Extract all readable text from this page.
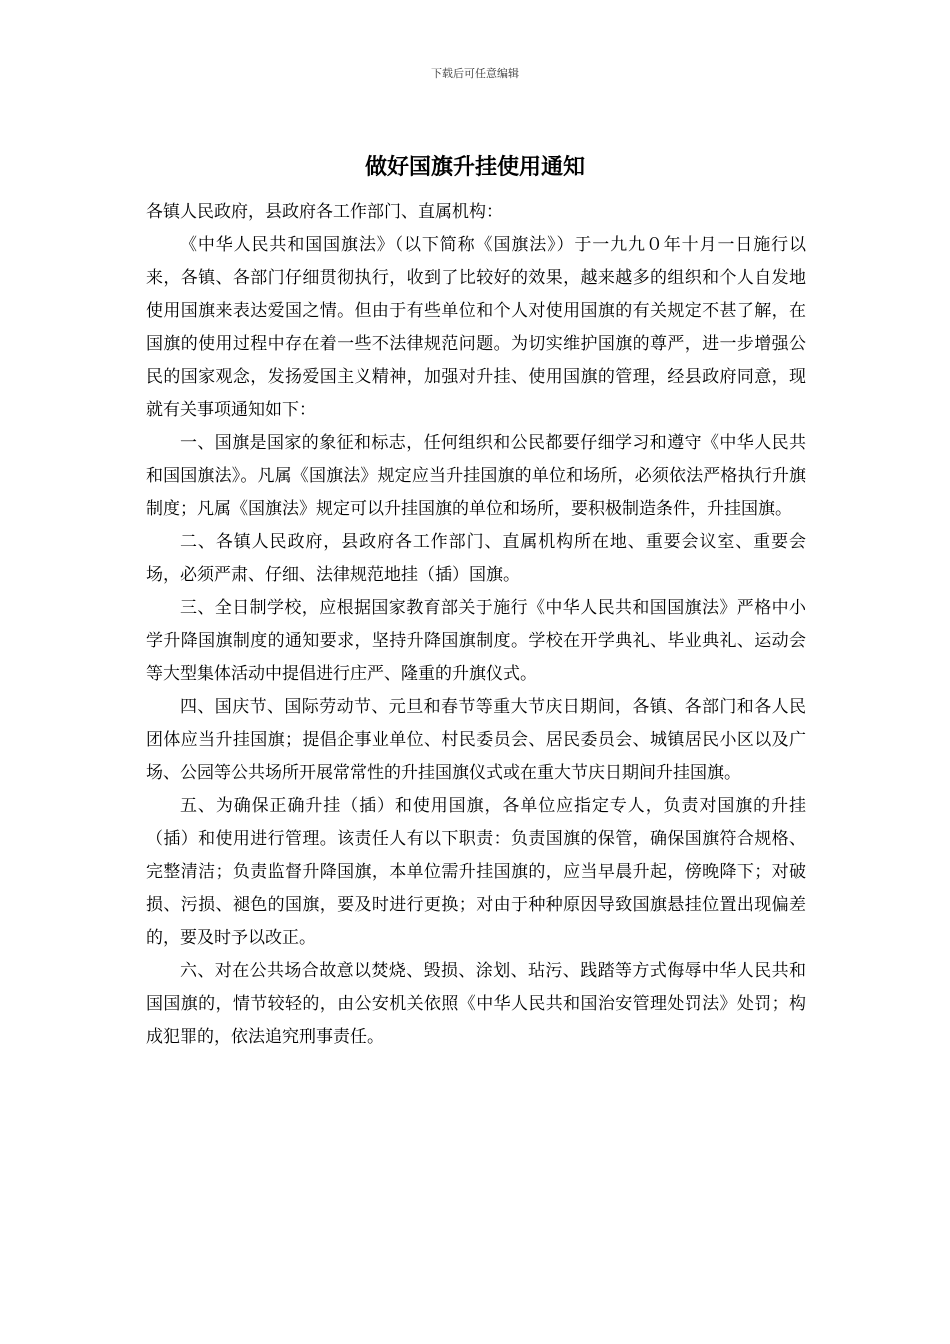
下载后可任意编辑
做好国旗升挂使用通知

各镇人民政府，县政府各工作部门、直属机构：

《中华人民共和国国旗法》（以下简称《国旗法》）于一九九０年十月一日施行以来，各镇、各部门仔细贯彻执行，收到了比较好的效果，越来越多的组织和个人自发地使用国旗来表达爱国之情。但由于有些单位和个人对使用国旗的有关规定不甚了解，在国旗的使用过程中存在着一些不法律规范问题。为切实维护国旗的尊严，进一步增强公民的国家观念，发扬爱国主义精神，加强对升挂、使用国旗的管理，经县政府同意，现就有关事项通知如下：

一、国旗是国家的象征和标志，任何组织和公民都要仔细学习和遵守《中华人民共和国国旗法》。凡属《国旗法》规定应当升挂国旗的单位和场所，必须依法严格执行升旗制度；凡属《国旗法》规定可以升挂国旗的单位和场所，要积极制造条件，升挂国旗。

二、各镇人民政府，县政府各工作部门、直属机构所在地、重要会议室、重要会场，必须严肃、仔细、法律规范地挂（插）国旗。

三、全日制学校，应根据国家教育部关于施行《中华人民共和国国旗法》严格中小学升降国旗制度的通知要求，坚持升降国旗制度。学校在开学典礼、毕业典礼、运动会等大型集体活动中提倡进行庄严、隆重的升旗仪式。

四、国庆节、国际劳动节、元旦和春节等重大节庆日期间，各镇、各部门和各人民团体应当升挂国旗；提倡企事业单位、村民委员会、居民委员会、城镇居民小区以及广场、公园等公共场所开展常常性的升挂国旗仪式或在重大节庆日期间升挂国旗。

五、为确保正确升挂（插）和使用国旗，各单位应指定专人，负责对国旗的升挂（插）和使用进行管理。该责任人有以下职责：负责国旗的保管，确保国旗符合规格、完整清洁；负责监督升降国旗，本单位需升挂国旗的，应当早晨升起，傍晚降下；对破损、污损、褪色的国旗，要及时进行更换；对由于种种原因导致国旗悬挂位置出现偏差的，要及时予以改正。

六、对在公共场合故意以焚烧、毁损、涂划、玷污、践踏等方式侮辱中华人民共和国国旗的，情节较轻的，由公安机关依照《中华人民共和国治安管理处罚法》处罚；构成犯罪的，依法追究刑事责任。
